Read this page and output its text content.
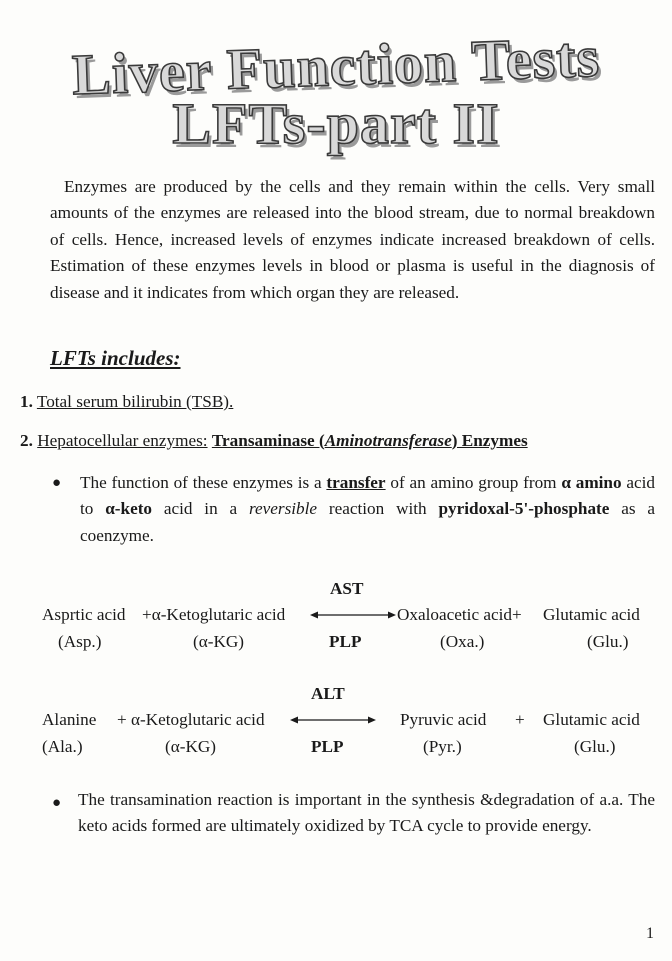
Liver Function Tests
LFTs-part II
Enzymes are produced by the cells and they remain within the cells. Very small amounts of the enzymes are released into the blood stream, due to normal breakdown of cells. Hence, increased levels of enzymes indicate increased breakdown of cells. Estimation of these enzymes levels in blood or plasma is useful in the diagnosis of disease and it indicates from which organ they are released.
LFTs includes:
1. Total serum bilirubin (TSB).
2. Hepatocellular enzymes: Transaminase (Aminotransferase) Enzymes
● The function of these enzymes is a transfer of an amino group from α amino acid to α-keto acid in a reversible reaction with pyridoxal-5'-phosphate as a coenzyme.
AST
Asprtic acid +α-Ketoglutaric acid	Oxaloacetic acid+ Glutamic acid
(Asp.)	(α-KG)	PLP	(Oxa.)	(Glu.)
ALT
Alanine + α-Ketoglutaric acid	Pyruvic acid + Glutamic acid
(Ala.)	(α-KG)	PLP	(Pyr.)	(Glu.)
● The transamination reaction is important in the synthesis &degradation of a.a. The keto acids formed are ultimately oxidized by TCA cycle to provide energy.
1
